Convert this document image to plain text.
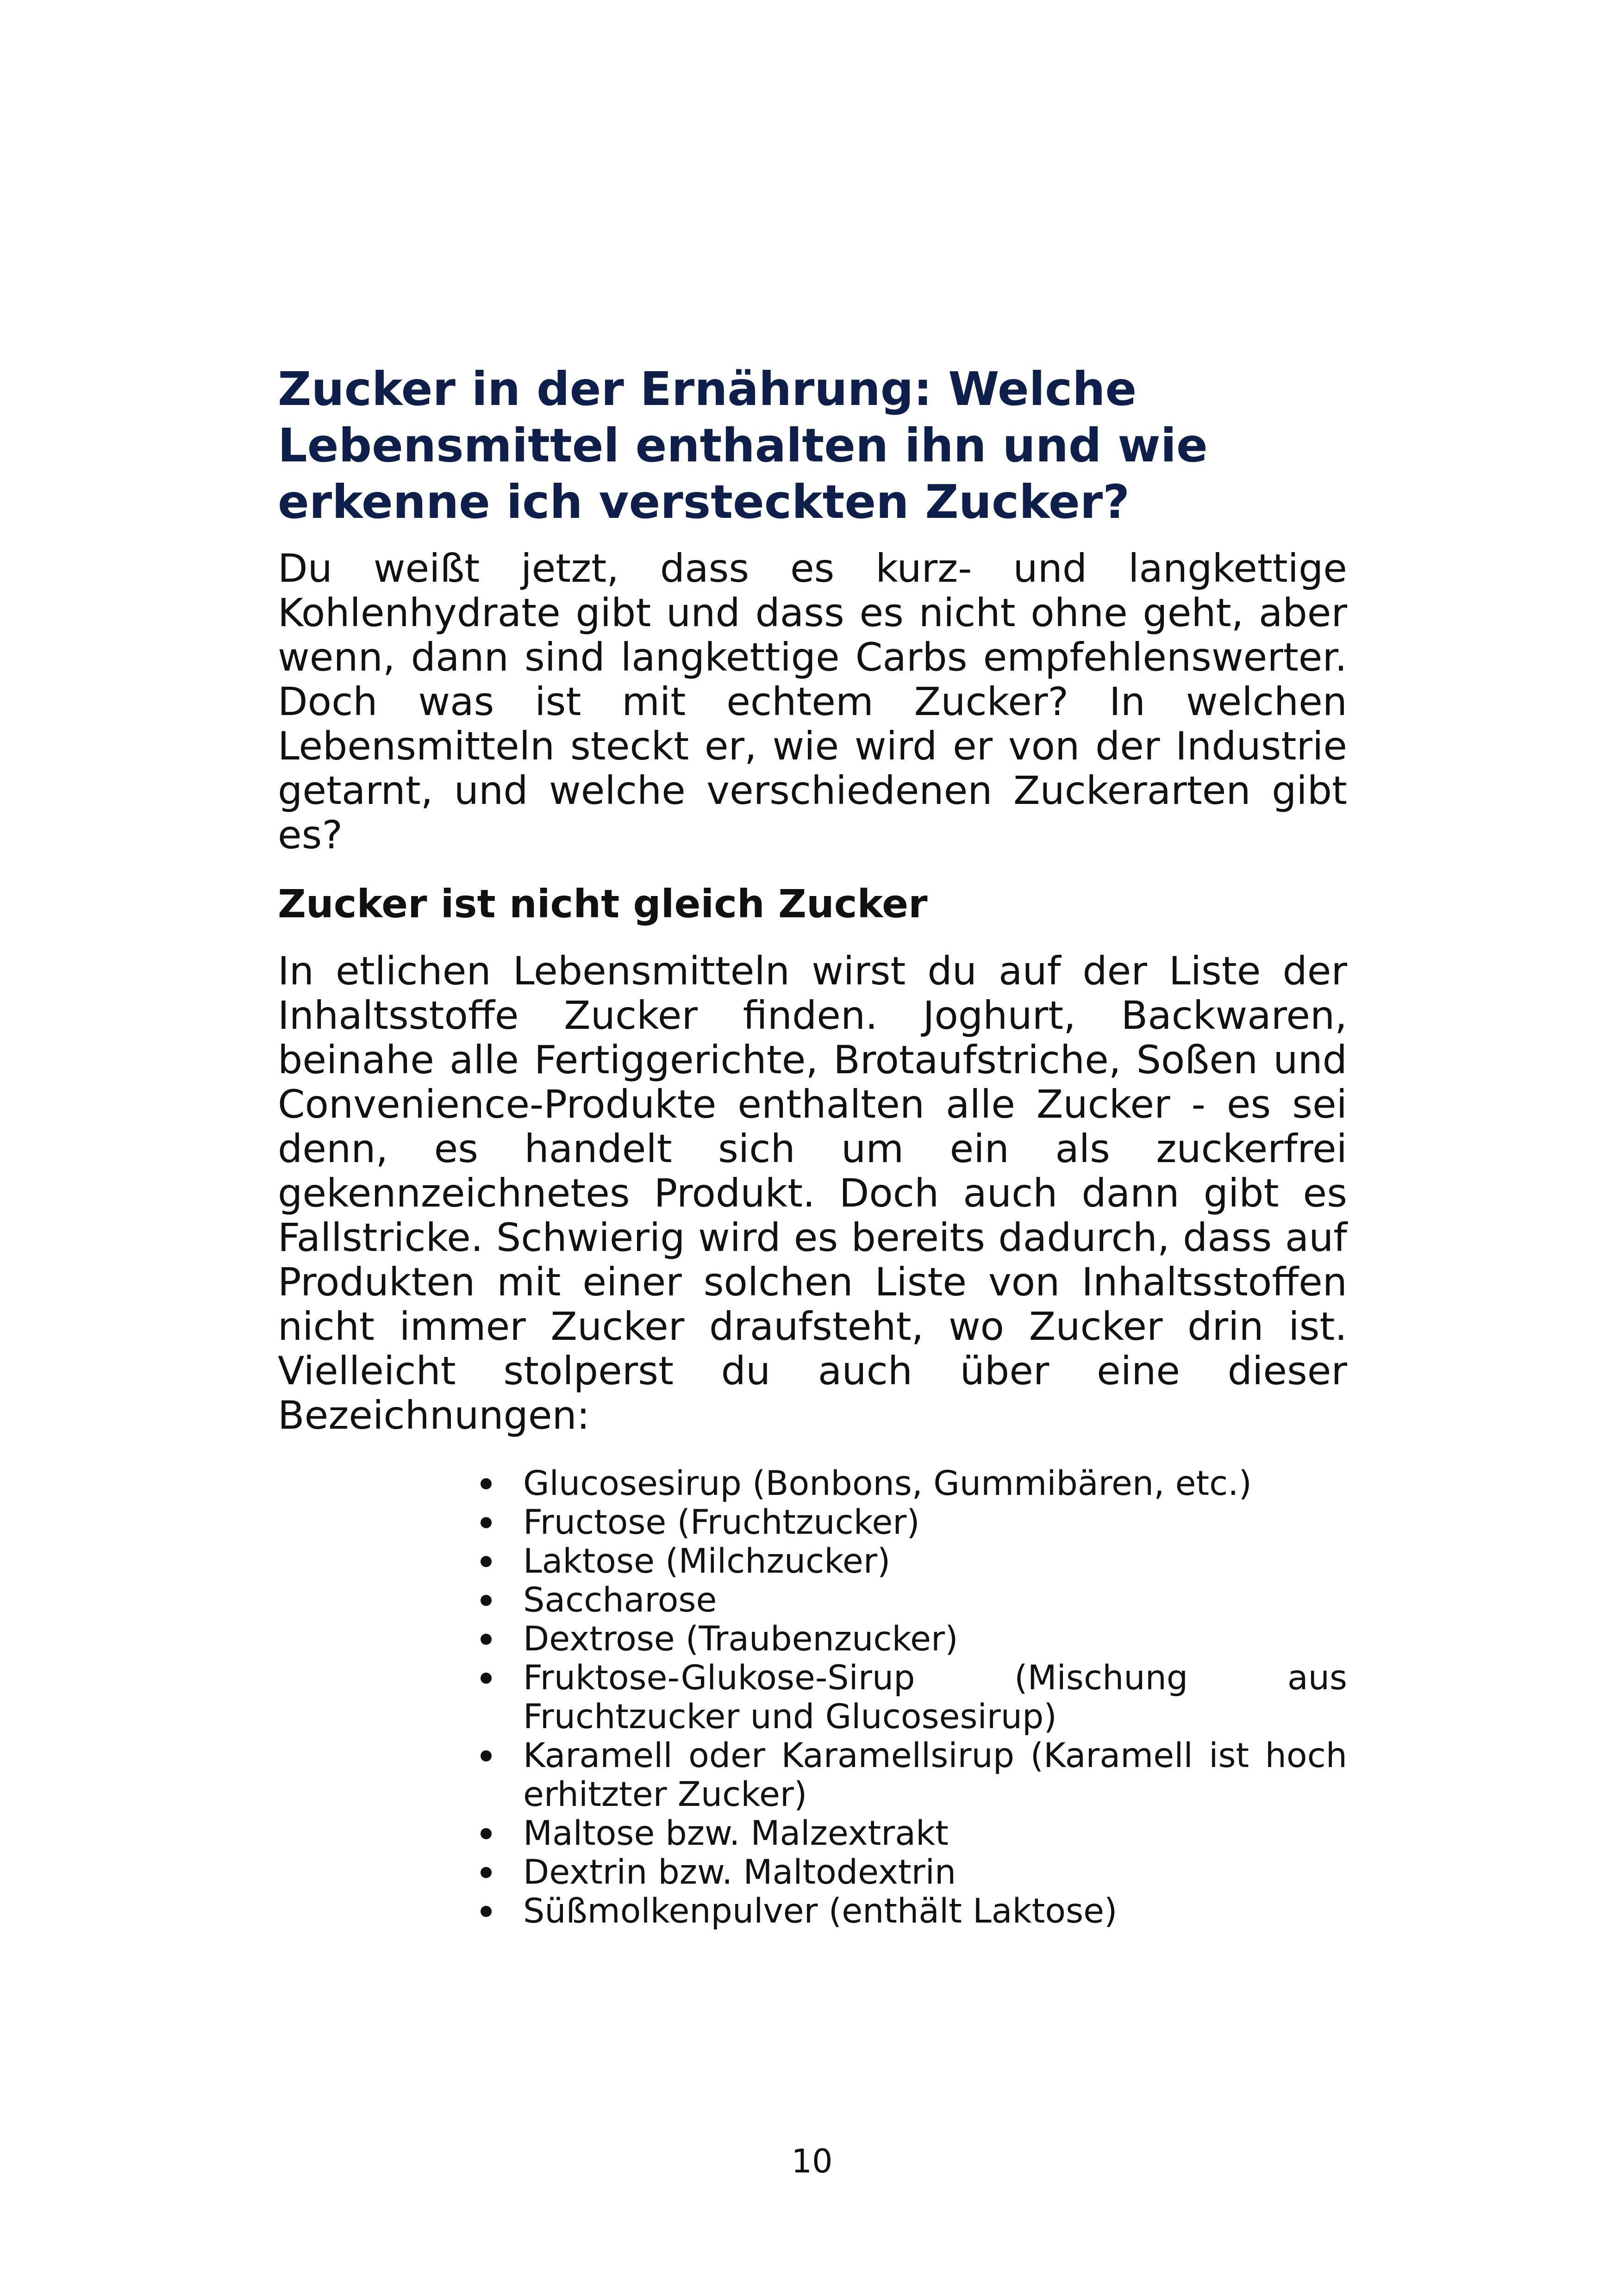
Zucker in der Ernährung: Welche Lebensmittel enthalten ihn und wie erkenne ich versteckten Zucker?

Du weißt jetzt, dass es kurz- und langkettige Kohlenhydrate gibt und dass es nicht ohne geht, aber wenn, dann sind langkettige Carbs empfehlenswerter. Doch was ist mit echtem Zucker? In welchen Lebensmitteln steckt er, wie wird er von der Industrie getarnt, und welche verschiedenen Zuckerarten gibt es?

Zucker ist nicht gleich Zucker

In etlichen Lebensmitteln wirst du auf der Liste der Inhaltsstoffe Zucker finden. Joghurt, Backwaren, beinahe alle Fertiggerichte, Brotaufstriche, Soßen und Convenience-Produkte enthalten alle Zucker - es sei denn, es handelt sich um ein als zuckerfrei gekennzeichnetes Produkt. Doch auch dann gibt es Fallstricke. Schwierig wird es bereits dadurch, dass auf Produkten mit einer solchen Liste von Inhaltsstoffen nicht immer Zucker draufsteht, wo Zucker drin ist. Vielleicht stolperst du auch über eine dieser Bezeichnungen:

Glucosesirup (Bonbons, Gummibären, etc.)
Fructose (Fruchtzucker)
Laktose (Milchzucker)
Saccharose
Dextrose (Traubenzucker)
Fruktose-Glukose-Sirup (Mischung aus Fruchtzucker und Glucosesirup)
Karamell oder Karamellsirup (Karamell ist hoch erhitzter Zucker)
Maltose bzw. Malzextrakt
Dextrin bzw. Maltodextrin
Süßmolkenpulver (enthält Laktose)
10
